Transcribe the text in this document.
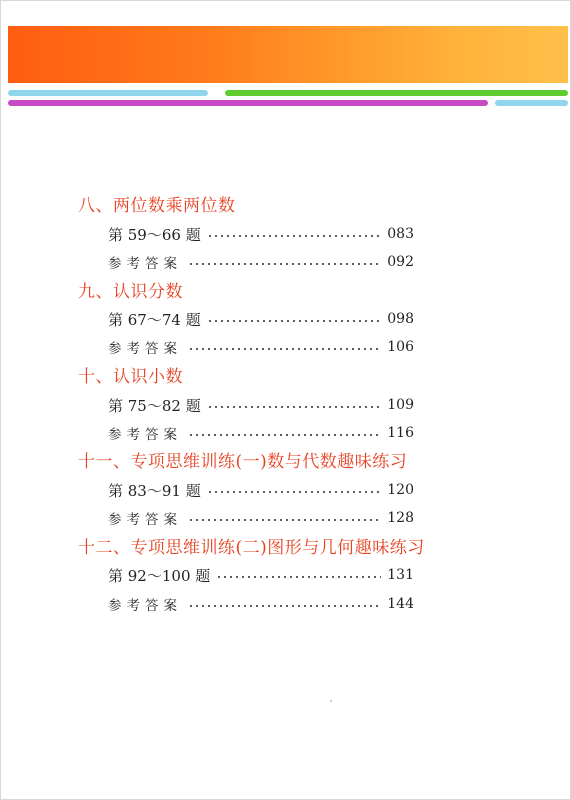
八、两位数乘两位数
第 59～66 题	083
参考答案	092
九、认识分数
第 67～74 题	098
参考答案	106
十、认识小数
第 75～82 题	109
参考答案	116
十一、专项思维训练(一)数与代数趣味练习
第 83～91 题	120
参考答案	128
十二、专项思维训练(二)图形与几何趣味练习
第 92～100 题	131
参考答案	144
